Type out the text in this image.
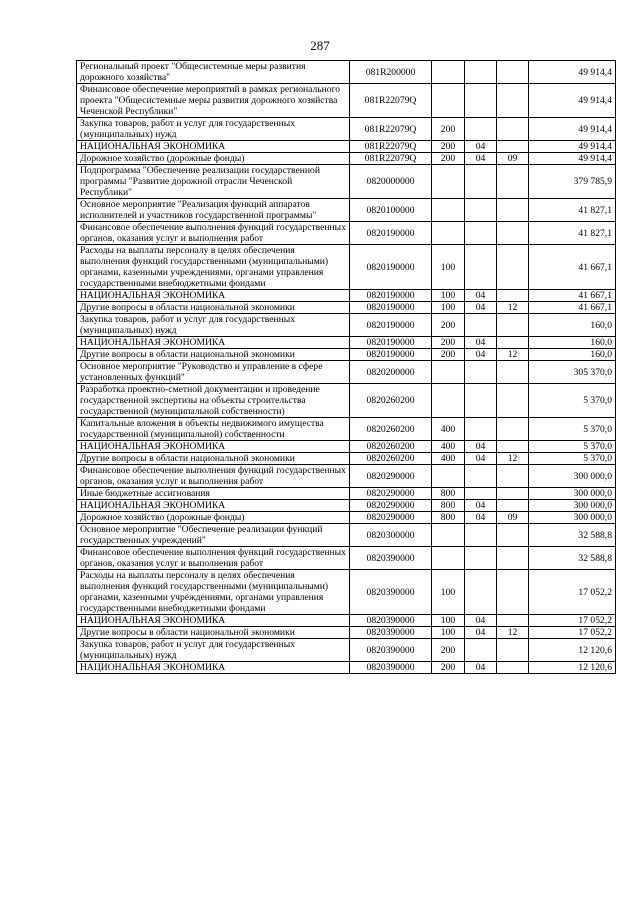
287
Региональный проект "Общесистемные меры развития дорожного хозяйства"	081R200000				49 914,4
Финансовое обеспечение мероприятий в рамках регионального проекта "Общесистемные меры развития дорожного хозяйства Чеченской Республики"	081R22079Q				49 914,4
Закупка товаров, работ и услуг для государственных (муниципальных) нужд	081R22079Q	200			49 914,4
НАЦИОНАЛЬНАЯ ЭКОНОМИКА	081R22079Q	200	04		49 914,4
Дорожное хозяйство (дорожные фонды)	081R22079Q	200	04	09	49 914,4
Подпрограмма "Обеспечение реализации государственной программы "Развитие дорожной отрасли Чеченской Республики"	0820000000				379 785,9
Основное мероприятие "Реализация функций аппаратов исполнителей и участников государственной программы"	0820100000				41 827,1
Финансовое обеспечение выполнения функций государственных органов, оказания услуг и выполнения работ	0820190000				41 827,1
Расходы на выплаты персоналу в целях обеспечения выполнения функций государственными (муниципальными) органами, казенными учреждениями, органами управления государственными внебюджетными фондами	0820190000	100			41 667,1
НАЦИОНАЛЬНАЯ ЭКОНОМИКА	0820190000	100	04		41 667,1
Другие вопросы в области национальной экономики	0820190000	100	04	12	41 667,1
Закупка товаров, работ и услуг для государственных (муниципальных) нужд	0820190000	200			160,0
НАЦИОНАЛЬНАЯ ЭКОНОМИКА	0820190000	200	04		160,0
Другие вопросы в области национальной экономики	0820190000	200	04	12	160,0
Основное мероприятие "Руководство и управление в сфере установленных функций"	0820200000				305 370,0
Разработка проектно-сметной документации и проведение государственной экспертизы на объекты строительства государственной (муниципальной собственности)	0820260200				5 370,0
Капитальные вложения в объекты недвижимого имущества государственной (муниципальной) собственности	0820260200	400			5 370,0
НАЦИОНАЛЬНАЯ ЭКОНОМИКА	0820260200	400	04		5 370,0
Другие вопросы в области национальной экономики	0820260200	400	04	12	5 370,0
Финансовое обеспечение выполнения функций государственных органов, оказания услуг и выполнения работ	0820290000				300 000,0
Иные бюджетные ассигнования	0820290000	800			300 000,0
НАЦИОНАЛЬНАЯ ЭКОНОМИКА	0820290000	800	04		300 000,0
Дорожное хозяйство (дорожные фонды)	0820290000	800	04	09	300 000,0
Основное мероприятие "Обеспечение реализации функций государственных учреждений"	0820300000				32 588,8
Финансовое обеспечение выполнения функций государственных органов, оказания услуг и выполнения работ	0820390000				32 588,8
Расходы на выплаты персоналу в целях обеспечения выполнения функций государственными (муниципальными) органами, казенными учреждениями, органами управления государственными внебюджетными фондами	0820390000	100			17 052,2
НАЦИОНАЛЬНАЯ ЭКОНОМИКА	0820390000	100	04		17 052,2
Другие вопросы в области национальной экономики	0820390000	100	04	12	17 052,2
Закупка товаров, работ и услуг для государственных (муниципальных) нужд	0820390000	200			12 120,6
НАЦИОНАЛЬНАЯ ЭКОНОМИКА	0820390000	200	04		12 120,6
